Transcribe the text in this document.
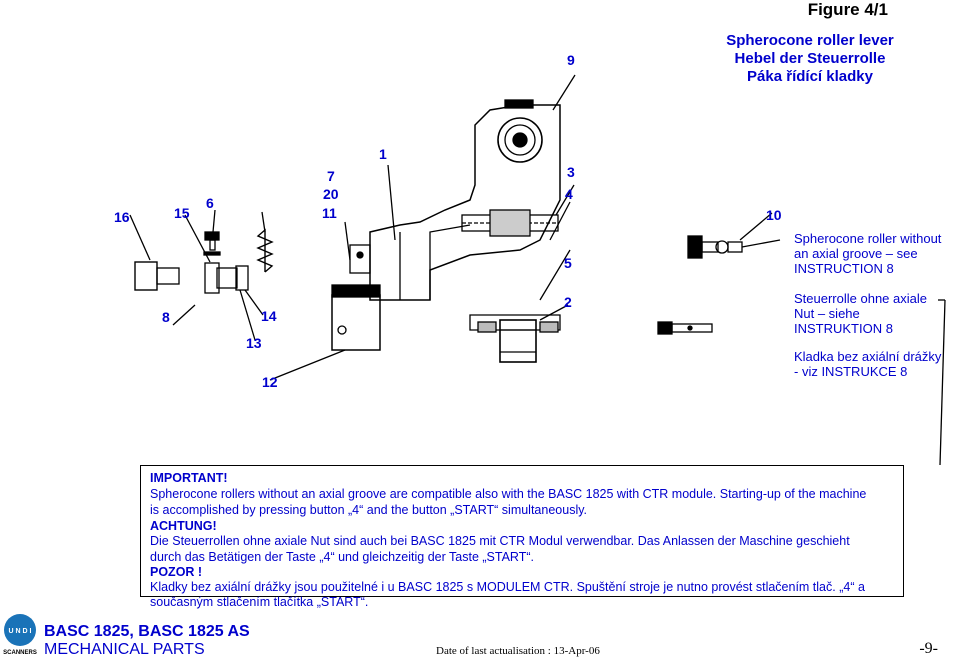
Figure 4/1
Spherocone roller lever
Hebel der Steuerrolle
Páka řídící kladky
9
1
7
20
11
3
4
16	15
6
10
5
8	14
2
13
12
Spherocone roller without
an axial groove – see
INSTRUCTION 8
Steuerrolle ohne axiale
Nut – siehe
INSTRUKTION 8
Kladka bez axiální drážky
- viz INSTRUKCE 8
IMPORTANT!
Spherocone rollers without an axial groove are compatible also with the BASC 1825 with CTR module. Starting-up of the machine
is accomplished by pressing button „4“ and the button „START“ simultaneously.
ACHTUNG!
Die Steuerrollen ohne axiale Nut sind auch bei BASC 1825 mit CTR Modul verwendbar. Das Anlassen der Maschine geschieht
durch das Betätigen der Taste „4“ und gleichzeitig der Taste „START“.
POZOR !
Kladky bez axiální drážky jsou použitelné i u BASC 1825 s MODULEM CTR. Spuštění stroje je nutno provést stlačením tlač. „4“ a
současným stlačením tlačítka „START“.
U N D I
SCANNERS
BASC 1825, BASC 1825 AS
MECHANICAL PARTS	Date of last actualisation : 13-Apr-06	-9-
